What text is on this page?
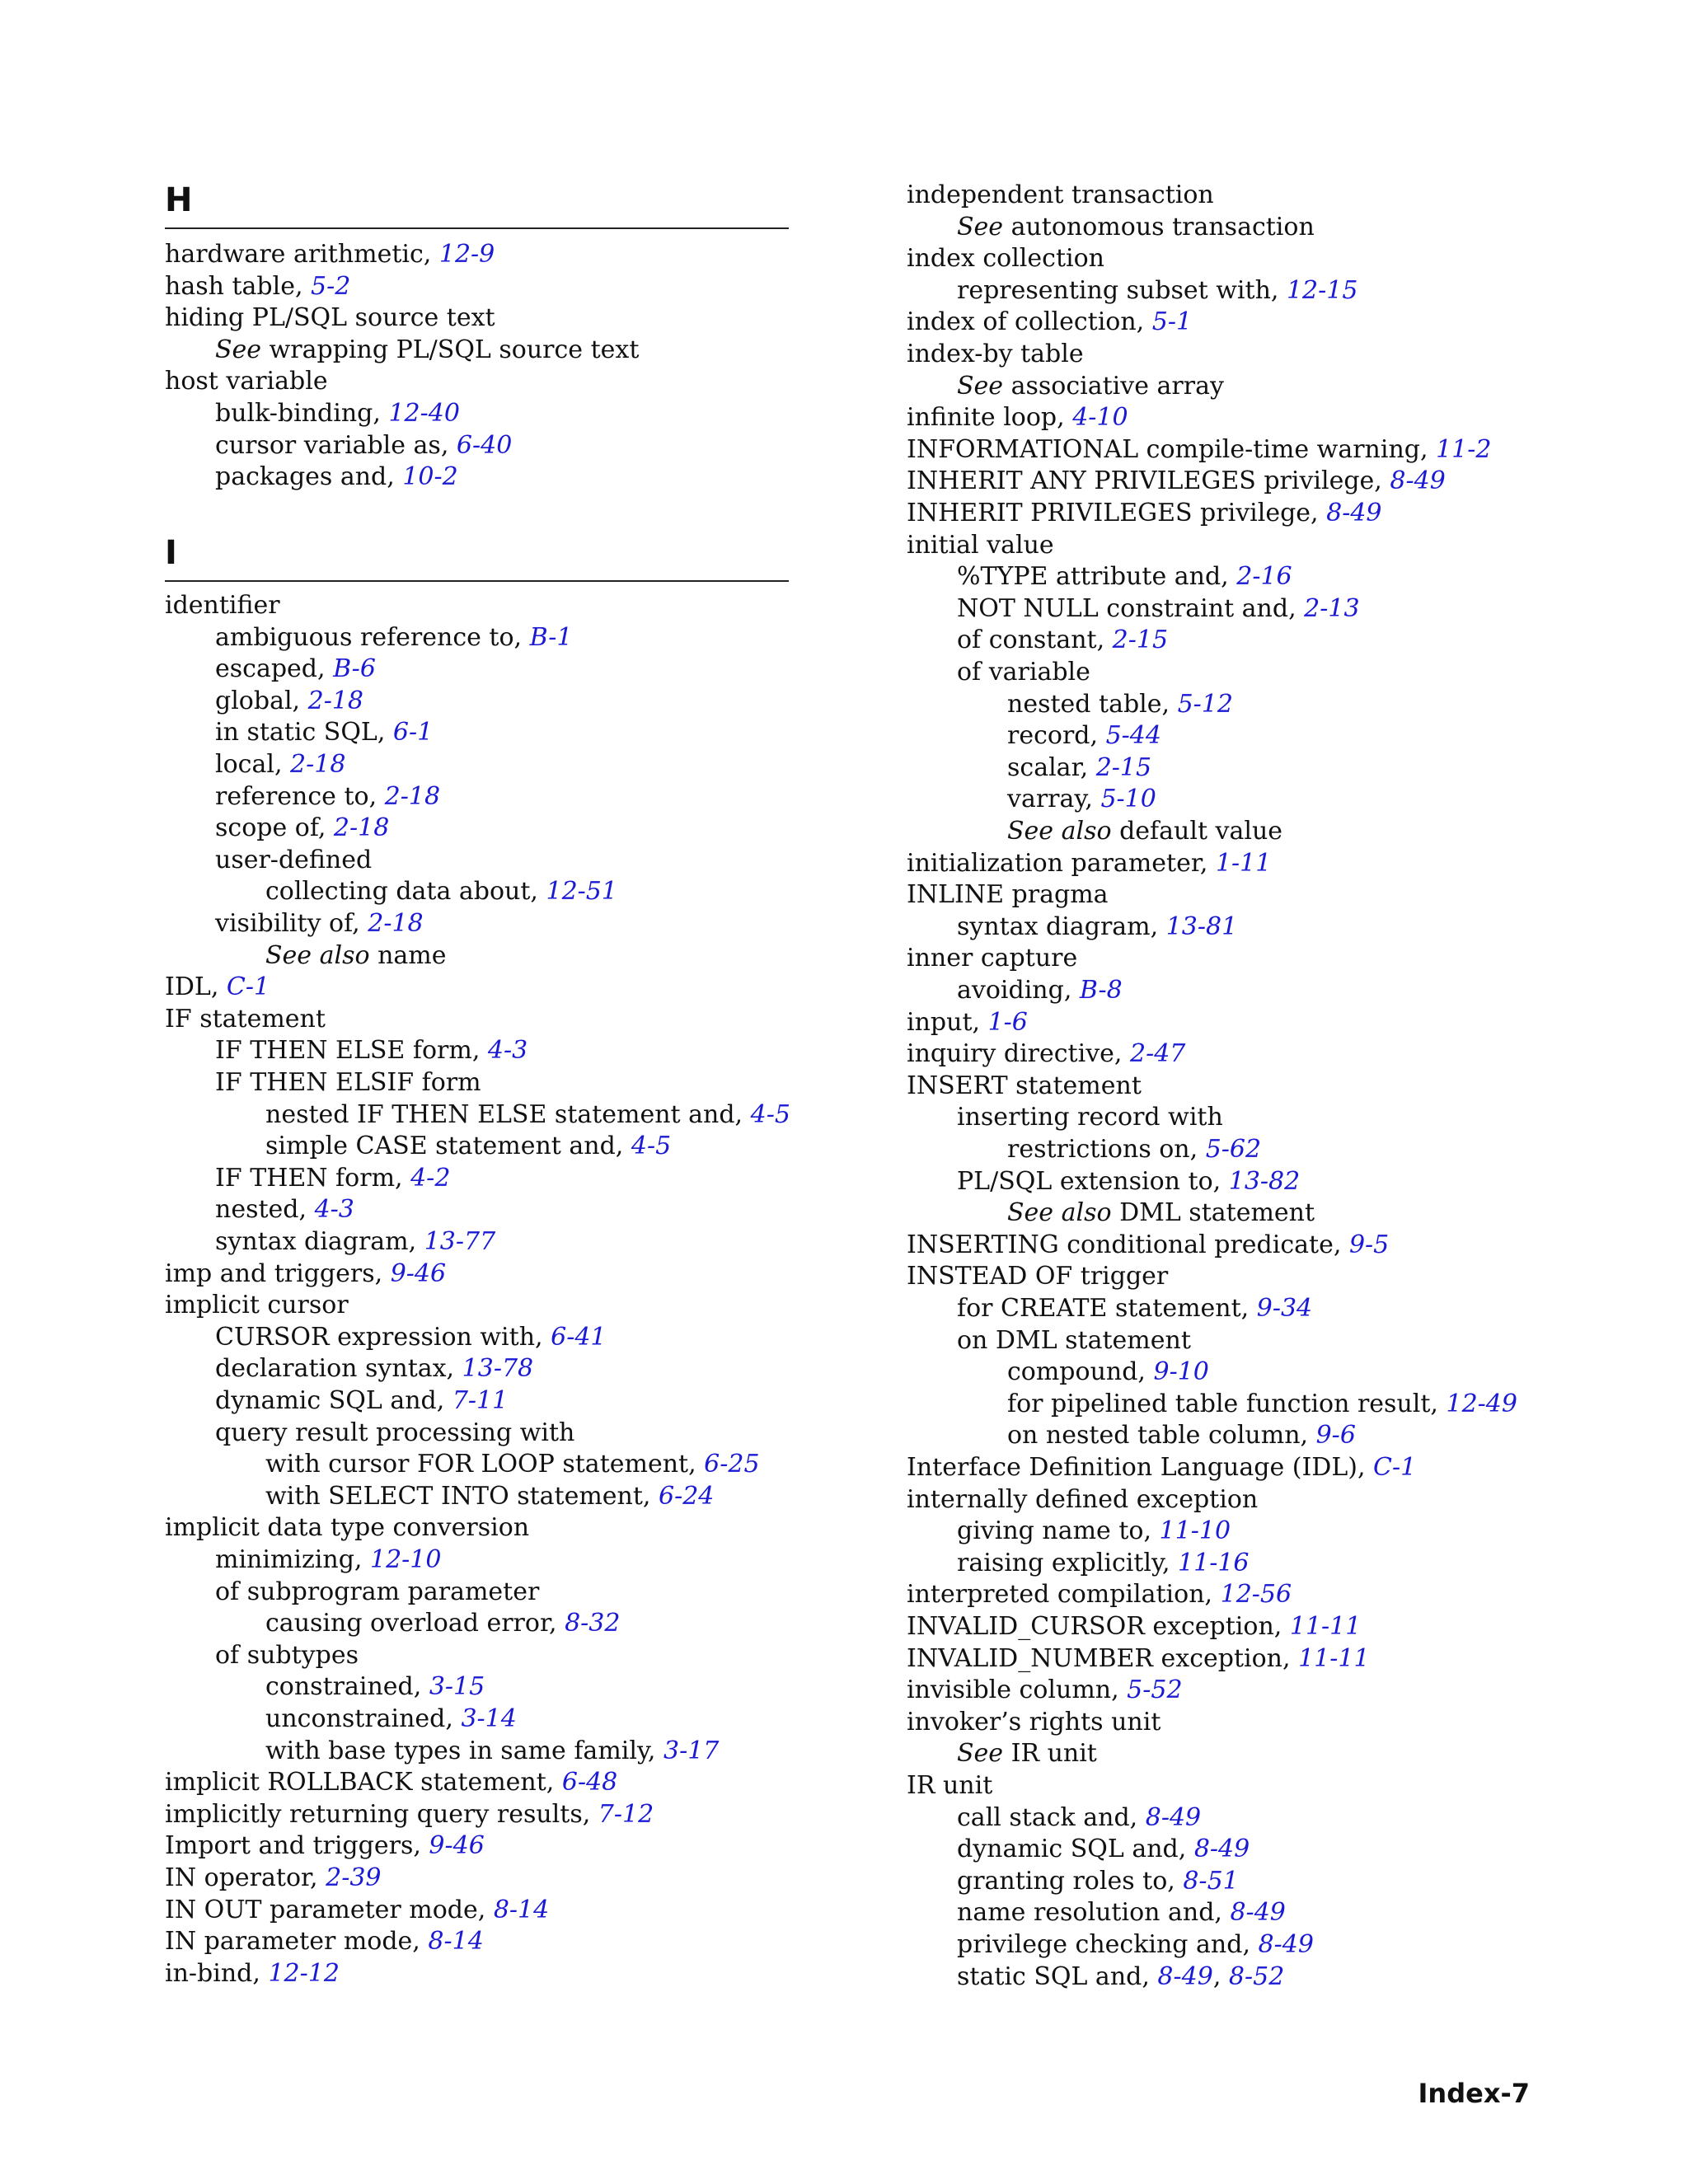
H
I
hardware arithmetic, 12-9
hash table, 5-2
hiding PL/SQL source text
See wrapping PL/SQL source text
host variable
bulk-binding, 12-40
cursor variable as, 6-40
packages and, 10-2
identifier
ambiguous reference to, B-1
escaped, B-6
global, 2-18
in static SQL, 6-1
local, 2-18
reference to, 2-18
scope of, 2-18
user-defined
collecting data about, 12-51
visibility of, 2-18
See also name
IDL, C-1
IF statement
IF THEN ELSE form, 4-3
IF THEN ELSIF form
nested IF THEN ELSE statement and, 4-5
simple CASE statement and, 4-5
IF THEN form, 4-2
nested, 4-3
syntax diagram, 13-77
imp and triggers, 9-46
implicit cursor
CURSOR expression with, 6-41
declaration syntax, 13-78
dynamic SQL and, 7-11
query result processing with
with cursor FOR LOOP statement, 6-25
with SELECT INTO statement, 6-24
implicit data type conversion
minimizing, 12-10
of subprogram parameter
causing overload error, 8-32
of subtypes
constrained, 3-15
unconstrained, 3-14
with base types in same family, 3-17
implicit ROLLBACK statement, 6-48
implicitly returning query results, 7-12
Import and triggers, 9-46
IN operator, 2-39
IN OUT parameter mode, 8-14
IN parameter mode, 8-14
in-bind, 12-12
independent transaction
See autonomous transaction
index collection
representing subset with, 12-15
index of collection, 5-1
index-by table
See associative array
infinite loop, 4-10
INFORMATIONAL compile-time warning, 11-2
INHERIT ANY PRIVILEGES privilege, 8-49
INHERIT PRIVILEGES privilege, 8-49
initial value
%TYPE attribute and, 2-16
NOT NULL constraint and, 2-13
of constant, 2-15
of variable
nested table, 5-12
record, 5-44
scalar, 2-15
varray, 5-10
See also default value
initialization parameter, 1-11
INLINE pragma
syntax diagram, 13-81
inner capture
avoiding, B-8
input, 1-6
inquiry directive, 2-47
INSERT statement
inserting record with
restrictions on, 5-62
PL/SQL extension to, 13-82
See also DML statement
INSERTING conditional predicate, 9-5
INSTEAD OF trigger
for CREATE statement, 9-34
on DML statement
compound, 9-10
for pipelined table function result, 12-49
on nested table column, 9-6
Interface Definition Language (IDL), C-1
internally defined exception
giving name to, 11-10
raising explicitly, 11-16
interpreted compilation, 12-56
INVALID_CURSOR exception, 11-11
INVALID_NUMBER exception, 11-11
invisible column, 5-52
invoker’s rights unit
See IR unit
IR unit
call stack and, 8-49
dynamic SQL and, 8-49
granting roles to, 8-51
name resolution and, 8-49
privilege checking and, 8-49
static SQL and, 8-49, 8-52
Index-7
